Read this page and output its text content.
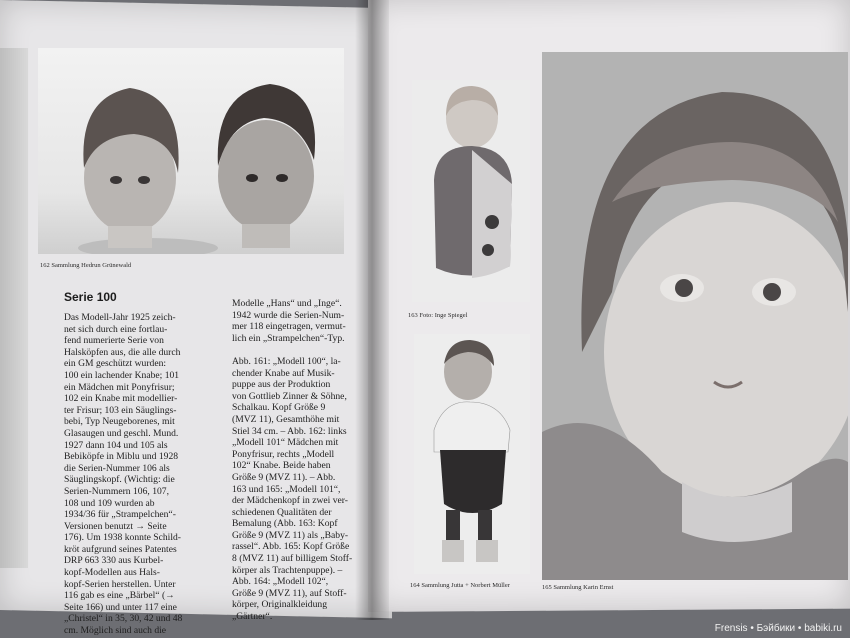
162 Sammlung Hedrun Grünewald
Serie 100
Das Modell-Jahr 1925 zeich-
net sich durch eine fortlau-
fend numerierte Serie von
Halsköpfen aus, die alle durch
ein GM geschützt wurden:
100 ein lachender Knabe; 101
ein Mädchen mit Ponyfrisur;
102 ein Knabe mit modellier-
ter Frisur; 103 ein Säuglings-
bebi, Typ Neugeborenes, mit
Glasaugen und geschl. Mund.
1927 dann 104 und 105 als
Bebiköpfe in Miblu und 1928
die Serien-Nummer 106 als
Säuglingskopf. (Wichtig: die
Serien-Nummern 106, 107,
108 und 109 wurden ab
1934/36 für „Strampelchen“-
Versionen benutzt → Seite
176). Um 1938 konnte Schild-
kröt aufgrund seines Patentes
DRP 663 330 aus Kurbel-
kopf-Modellen aus Hals-
kopf-Serien herstellen. Unter
116 gab es eine „Bärbel“ (→
Seite 166) und unter 117 eine
„Christel“ in 35, 30, 42 und 48
cm. Möglich sind auch die
Modelle „Hans“ und „Inge“.
1942 wurde die Serien-Num-
mer 118 eingetragen, vermut-
lich ein „Strampelchen“-Typ.

Abb. 161: „Modell 100“, la-
chender Knabe auf Musik-
puppe aus der Produktion
von Gottlieb Zinner & Söhne,
Schalkau. Kopf Größe 9
(MVZ 11), Gesamthöhe mit
Stiel 34 cm. – Abb. 162: links
„Modell 101“ Mädchen mit
Ponyfrisur, rechts „Modell
102“ Knabe. Beide haben
Größe 9 (MVZ 11). – Abb.
163 und 165: „Modell 101“,
der Mädchenkopf in zwei ver-
schiedenen Qualitäten der
Bemalung (Abb. 163: Kopf
Größe 9 (MVZ 11) als „Baby-
rassel“. Abb. 165: Kopf Größe
8 (MVZ 11) auf billigem Stoff-
körper als Trachtenpuppe). –
Abb. 164: „Modell 102“,
Größe 9 (MVZ 11), auf Stoff-
körper, Originalkleidung
„Gärtner“.
163 Foto: Inge Spiegel
164 Sammlung Jutta + Norbert Müller	165 Sammlung Karin Ernst
Frensis • Бэйбики • babiki.ru
